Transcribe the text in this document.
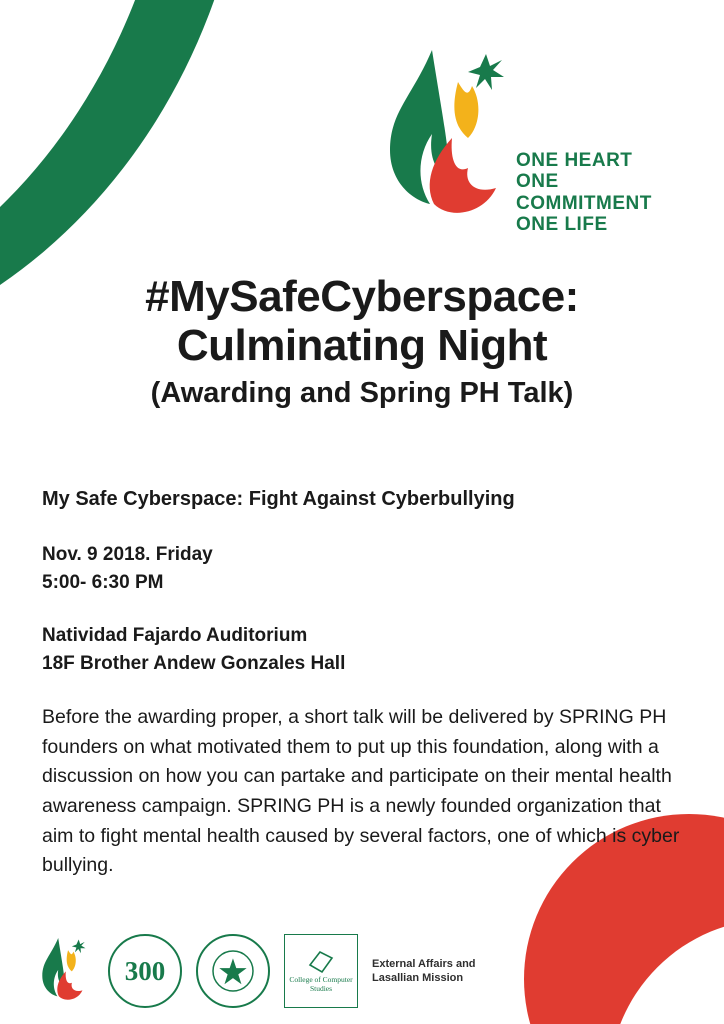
ONE HEART
ONE COMMITMENT
ONE LIFE
#MySafeCyberspace:
Culminating Night
(Awarding and Spring PH Talk)
My Safe Cyberspace: Fight Against Cyberbullying
Nov. 9 2018. Friday
5:00- 6:30 PM
Natividad Fajardo Auditorium
18F Brother Andew Gonzales Hall
Before the awarding proper, a short talk will be delivered by SPRING PH founders on what motivated them to put up this foundation, along with a discussion on how you can partake and participate on their mental health awareness campaign. SPRING PH is a newly founded organization that aim to fight mental health caused by several factors, one of which is cyber bullying.
300	College of Computer Studies
External Affairs and Lasallian Mission
